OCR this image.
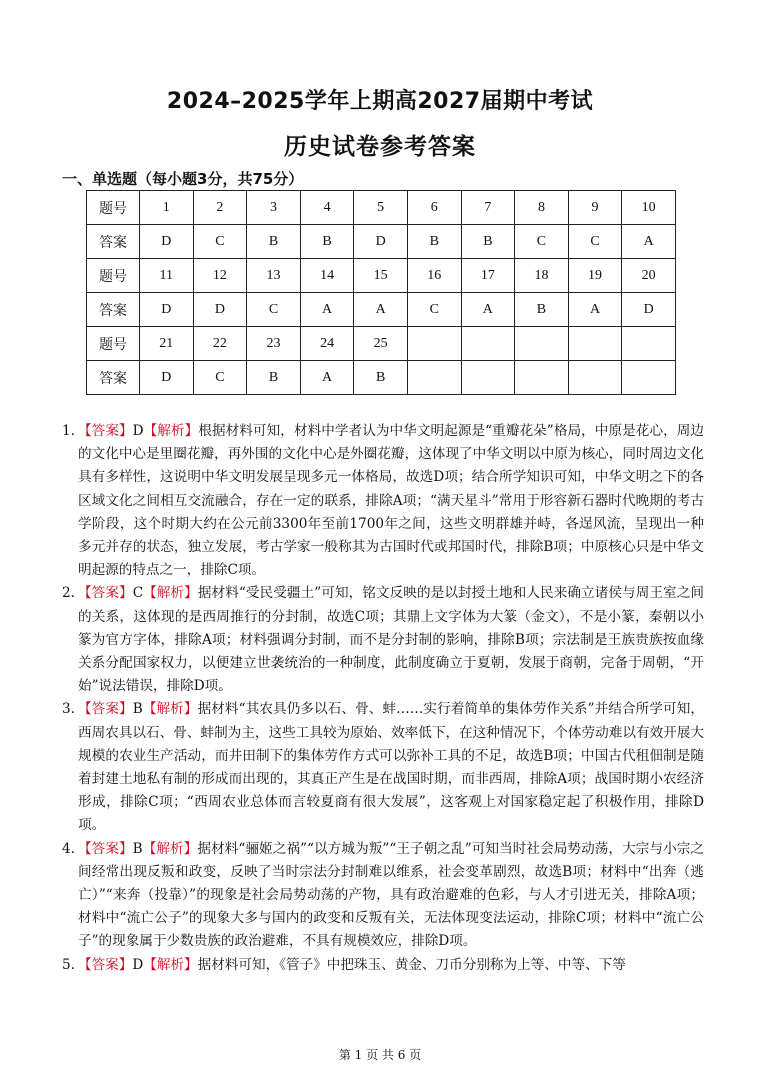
2024–2025学年上期高2027届期中考试
历史试卷参考答案
一、单选题（每小题3分，共75分）
题号	1	2	3	4	5	6	7	8	9	10
答案	D	C	B	B	D	B	B	C	C	A
题号	11	12	13	14	15	16	17	18	19	20
答案	D	D	C	A	A	C	A	B	A	D
题号	21	22	23	24	25					
答案	D	C	B	A	B					

1. 【答案】D【解析】根据材料可知，材料中学者认为中华文明起源是“重瓣花朵”格局，中原是花心，周边的文化中心是里圈花瓣，再外围的文化中心是外圈花瓣，这体现了中华文明以中原为核心，同时周边文化具有多样性，这说明中华文明发展呈现多元一体格局，故选D项；结合所学知识可知，中华文明之下的各区域文化之间相互交流融合，存在一定的联系，排除A项；“满天星斗”常用于形容新石器时代晚期的考古学阶段，这个时期大约在公元前3300年至前1700年之间，这些文明群雄并峙，各逞风流，呈现出一种多元并存的状态，独立发展，考古学家一般称其为古国时代或邦国时代，排除B项；中原核心只是中华文明起源的特点之一，排除C项。

2. 【答案】C【解析】据材料“受民受疆土”可知，铭文反映的是以封授土地和人民来确立诸侯与周王室之间的关系，这体现的是西周推行的分封制，故选C项；其鼎上文字体为大篆（金文），不是小篆，秦朝以小篆为官方字体，排除A项；材料强调分封制，而不是分封制的影响，排除B项；宗法制是王族贵族按血缘关系分配国家权力，以便建立世袭统治的一种制度，此制度确立于夏朝，发展于商朝，完备于周朝，“开始”说法错误，排除D项。

3. 【答案】B【解析】据材料“其农具仍多以石、骨、蚌……实行着简单的集体劳作关系”并结合所学可知，西周农具以石、骨、蚌制为主，这些工具较为原始、效率低下，在这种情况下，个体劳动难以有效开展大规模的农业生产活动，而井田制下的集体劳作方式可以弥补工具的不足，故选B项；中国古代租佃制是随着封建土地私有制的形成而出现的，其真正产生是在战国时期，而非西周，排除A项；战国时期小农经济形成，排除C项；“西周农业总体而言较夏商有很大发展”，这客观上对国家稳定起了积极作用，排除D项。

4. 【答案】B【解析】据材料“骊姬之祸”“以方城为叛”“王子朝之乱”可知当时社会局势动荡，大宗与小宗之间经常出现反叛和政变，反映了当时宗法分封制难以维系，社会变革剧烈，故选B项；材料中“出奔（逃亡）”“来奔（投靠）”的现象是社会局势动荡的产物，具有政治避难的色彩，与人才引进无关，排除A项；材料中“流亡公子”的现象大多与国内的政变和反叛有关，无法体现变法运动，排除C项；材料中“流亡公子”的现象属于少数贵族的政治避难，不具有规模效应，排除D项。

5. 【答案】D【解析】据材料可知，《管子》中把珠玉、黄金、刀币分别称为上等、中等、下等

第 1 页 共 6 页
